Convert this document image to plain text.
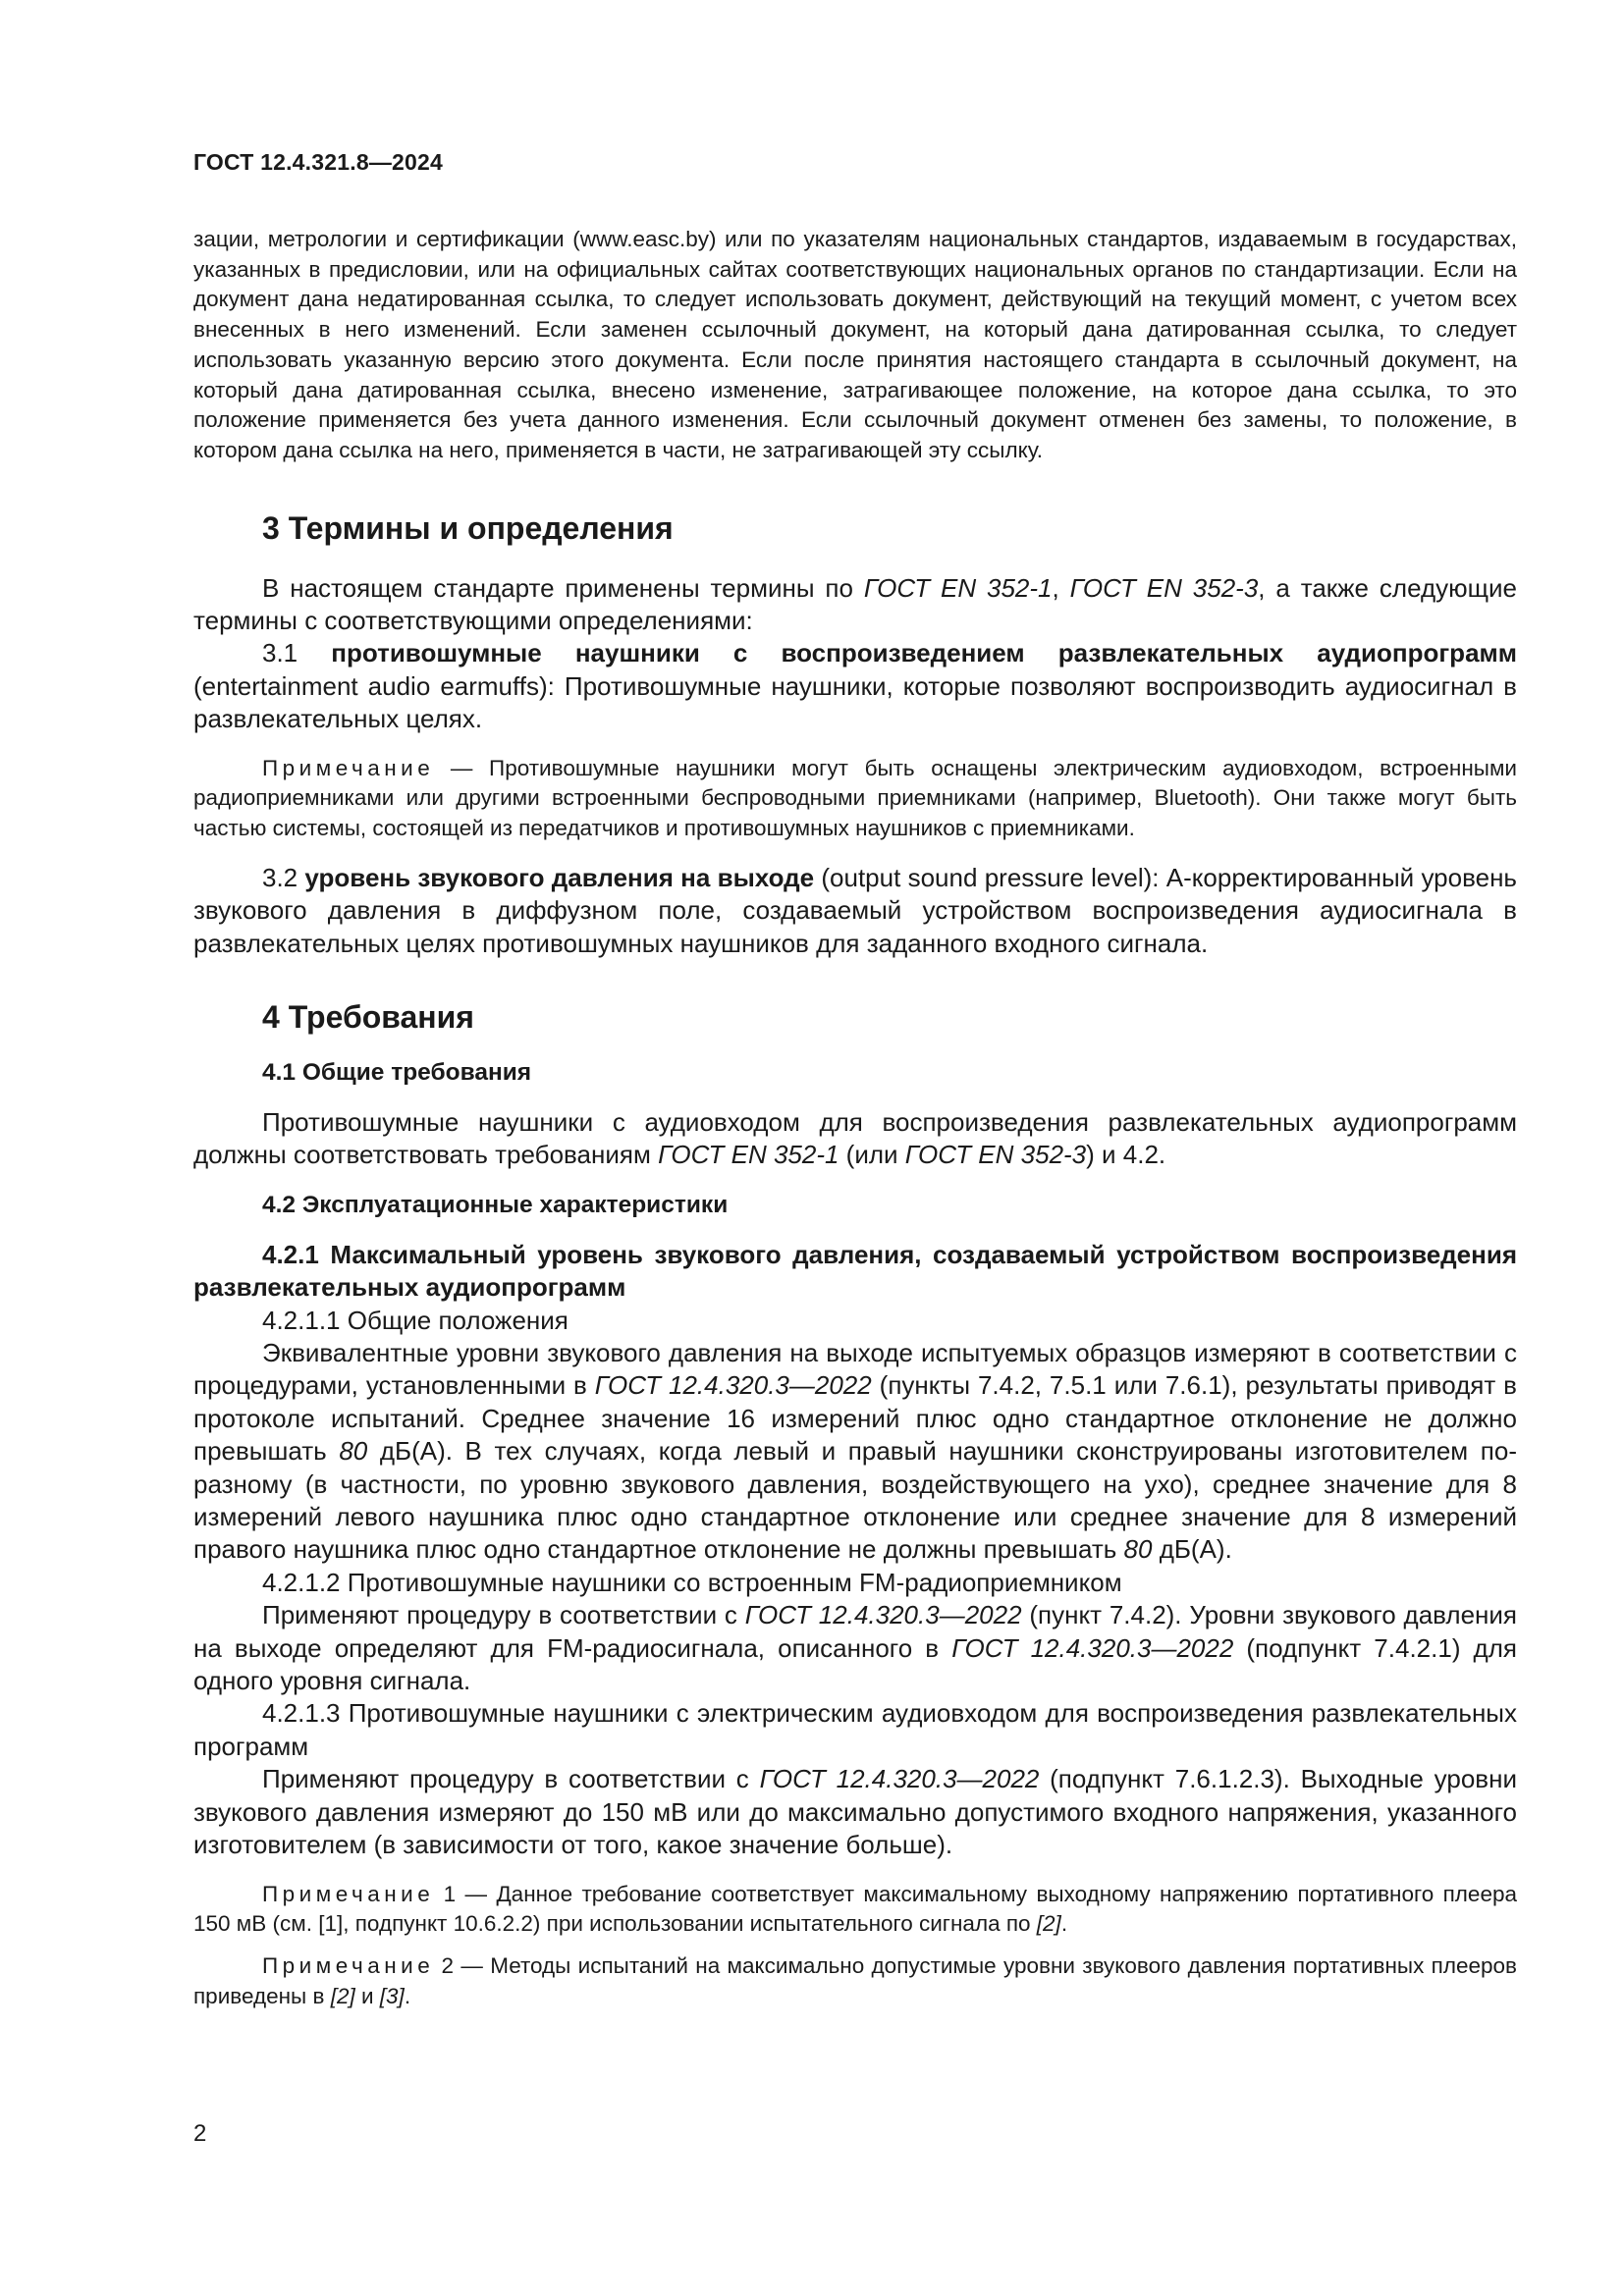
ГОСТ 12.4.321.8—2024

зации, метрологии и сертификации (www.easc.by) или по указателям национальных стандартов, издаваемым в государствах, указанных в предисловии, или на официальных сайтах соответствующих национальных органов по стандартизации. Если на документ дана недатированная ссылка, то следует использовать документ, действующий на текущий момент, с учетом всех внесенных в него изменений. Если заменен ссылочный документ, на который дана датированная ссылка, то следует использовать указанную версию этого документа. Если после принятия настоящего стандарта в ссылочный документ, на который дана датированная ссылка, внесено изменение, затрагивающее положение, на которое дана ссылка, то это положение применяется без учета данного изменения. Если ссылочный документ отменен без замены, то положение, в котором дана ссылка на него, применяется в части, не затрагивающей эту ссылку.

3 Термины и определения

В настоящем стандарте применены термины по ГОСТ EN 352-1, ГОСТ EN 352-3, а также следующие термины с соответствующими определениями:

3.1 противошумные наушники с воспроизведением развлекательных аудиопрограмм (entertainment audio earmuffs): Противошумные наушники, которые позволяют воспроизводить аудиосигнал в развлекательных целях.

Примечание — Противошумные наушники могут быть оснащены электрическим аудиовходом, встроенными радиоприемниками или другими встроенными беспроводными приемниками (например, Bluetooth). Они также могут быть частью системы, состоящей из передатчиков и противошумных наушников с приемниками.

3.2 уровень звукового давления на выходе (output sound pressure level): A-корректированный уровень звукового давления в диффузном поле, создаваемый устройством воспроизведения аудиосигнала в развлекательных целях противошумных наушников для заданного входного сигнала.

4 Требования
4.1 Общие требования

Противошумные наушники с аудиовходом для воспроизведения развлекательных аудиопрограмм должны соответствовать требованиям ГОСТ EN 352-1 (или ГОСТ EN 352-3) и 4.2.

4.2 Эксплуатационные характеристики

4.2.1 Максимальный уровень звукового давления, создаваемый устройством воспроизведения развлекательных аудиопрограмм

4.2.1.1 Общие положения

Эквивалентные уровни звукового давления на выходе испытуемых образцов измеряют в соответствии с процедурами, установленными в ГОСТ 12.4.320.3—2022 (пункты 7.4.2, 7.5.1 или 7.6.1), результаты приводят в протоколе испытаний. Среднее значение 16 измерений плюс одно стандартное отклонение не должно превышать 80 дБ(А). В тех случаях, когда левый и правый наушники сконструированы изготовителем по-разному (в частности, по уровню звукового давления, воздействующего на ухо), среднее значение для 8 измерений левого наушника плюс одно стандартное отклонение или среднее значение для 8 измерений правого наушника плюс одно стандартное отклонение не должны превышать 80 дБ(А).

4.2.1.2 Противошумные наушники со встроенным FM-радиоприемником

Применяют процедуру в соответствии с ГОСТ 12.4.320.3—2022 (пункт 7.4.2). Уровни звукового давления на выходе определяют для FM-радиосигнала, описанного в ГОСТ 12.4.320.3—2022 (подпункт 7.4.2.1) для одного уровня сигнала.

4.2.1.3 Противошумные наушники с электрическим аудиовходом для воспроизведения развлекательных программ

Применяют процедуру в соответствии с ГОСТ 12.4.320.3—2022 (подпункт 7.6.1.2.3). Выходные уровни звукового давления измеряют до 150 мВ или до максимально допустимого входного напряжения, указанного изготовителем (в зависимости от того, какое значение больше).

Примечание 1 — Данное требование соответствует максимальному выходному напряжению портативного плеера 150 мВ (см. [1], подпункт 10.6.2.2) при использовании испытательного сигнала по [2].

Примечание 2 — Методы испытаний на максимально допустимые уровни звукового давления портативных плееров приведены в [2] и [3].

2
